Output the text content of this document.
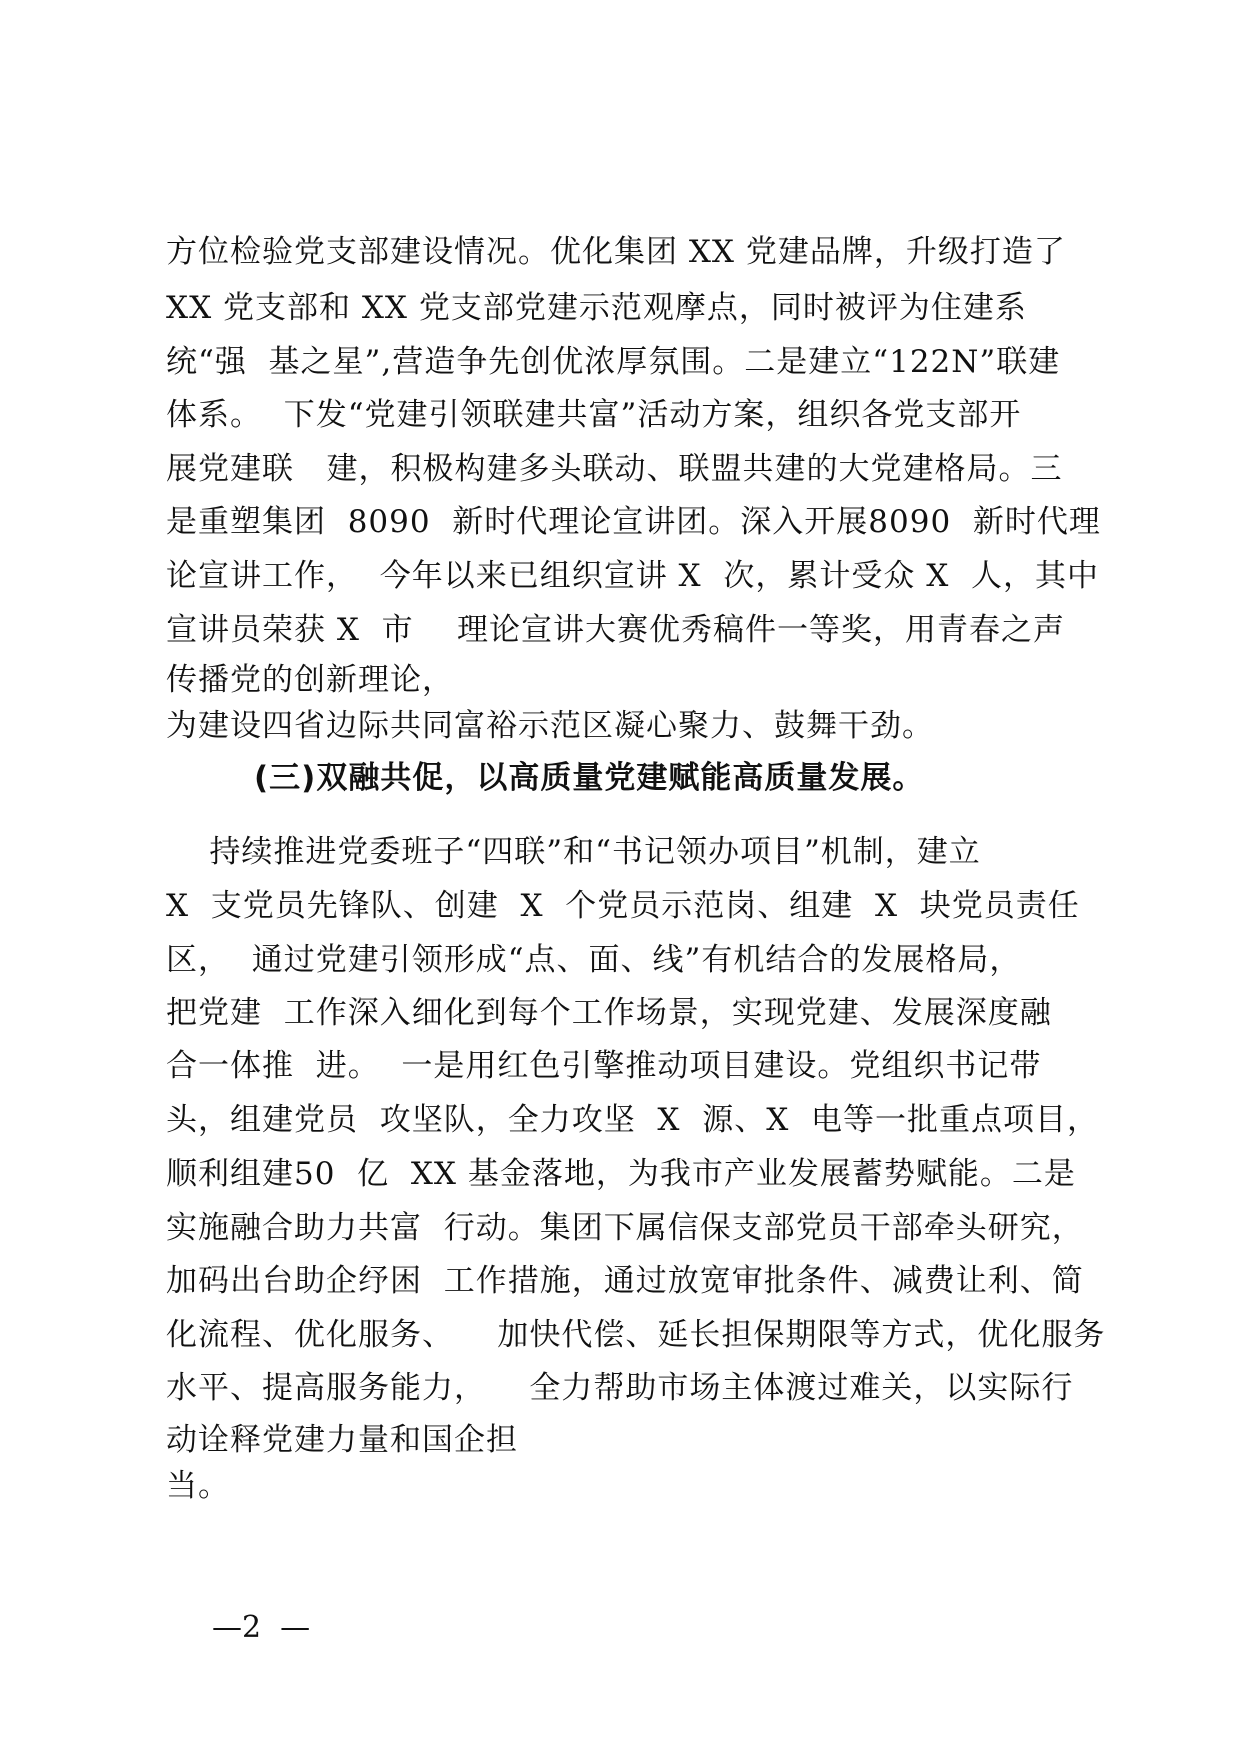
方位检验党支部建设情况。优化集团 XX 党建品牌，升级打造了
XX 党支部和 XX 党支部党建示范观摩点，同时被评为住建系
统“强  基之星”,营造争先创优浓厚氛围。二是建立“122N”联建
体系。  下发“党建引领联建共富”活动方案，组织各党支部开
展党建联   建，积极构建多头联动、联盟共建的大党建格局。三
是重塑集团  8090  新时代理论宣讲团。深入开展8090  新时代理
论宣讲工作，  今年以来已组织宣讲 X  次，累计受众 X  人，其中
宣讲员荣获 X  市    理论宣讲大赛优秀稿件一等奖，用青春之声
传播党的创新理论，
为建设四省边际共同富裕示范区凝心聚力、鼓舞干劲。
(三)双融共促，以高质量党建赋能高质量发展。
持续推进党委班子“四联”和“书记领办项目”机制，建立
X  支党员先锋队、创建  X  个党员示范岗、组建  X  块党员责任
区，  通过党建引领形成“点、面、线”有机结合的发展格局，
把党建  工作深入细化到每个工作场景，实现党建、发展深度融
合一体推  进。  一是用红色引擎推动项目建设。党组织书记带
头，组建党员  攻坚队，全力攻坚  X  源、X  电等一批重点项目，
顺利组建50  亿  XX 基金落地，为我市产业发展蓄势赋能。二是
实施融合助力共富  行动。集团下属信保支部党员干部牵头研究，
加码出台助企纾困  工作措施，通过放宽审批条件、减费让利、简
化流程、优化服务、    加快代偿、延长担保期限等方式，优化服务
水平、提高服务能力，    全力帮助市场主体渡过难关，以实际行
动诠释党建力量和国企担
当。
—2  —
